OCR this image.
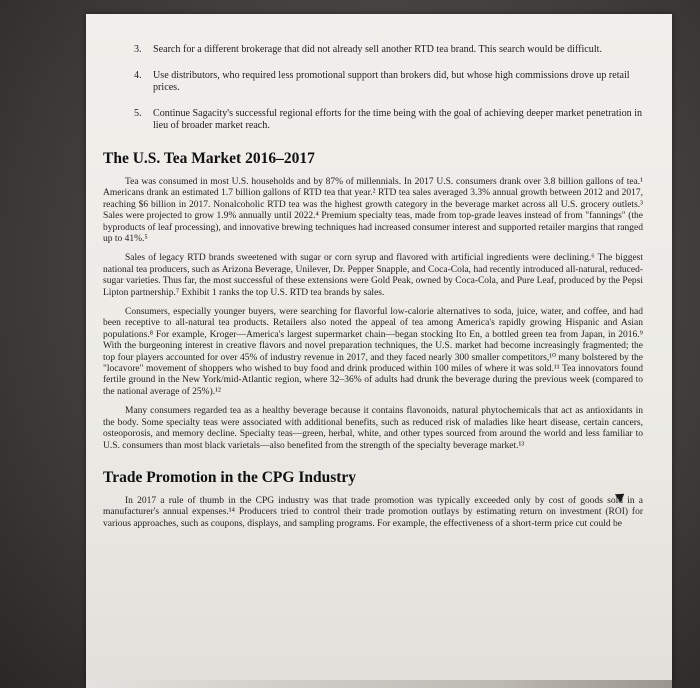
3. Search for a different brokerage that did not already sell another RTD tea brand. This search would be difficult.
4. Use distributors, who required less promotional support than brokers did, but whose high commissions drove up retail prices.
5. Continue Sagacity's successful regional efforts for the time being with the goal of achieving deeper market penetration in lieu of broader market reach.
The U.S. Tea Market 2016–2017

Tea was consumed in most U.S. households and by 87% of millennials. In 2017 U.S. consumers drank over 3.8 billion gallons of tea.¹ Americans drank an estimated 1.7 billion gallons of RTD tea that year.² RTD tea sales averaged 3.3% annual growth between 2012 and 2017, reaching $6 billion in 2017. Nonalcoholic RTD tea was the highest growth category in the beverage market across all U.S. grocery outlets.³ Sales were projected to grow 1.9% annually until 2022.⁴ Premium specialty teas, made from top-grade leaves instead of from "fannings" (the byproducts of leaf processing), and innovative brewing techniques had increased consumer interest and supported retailer margins that ranged up to 41%.⁵

Sales of legacy RTD brands sweetened with sugar or corn syrup and flavored with artificial ingredients were declining.⁶ The biggest national tea producers, such as Arizona Beverage, Unilever, Dr. Pepper Snapple, and Coca-Cola, had recently introduced all-natural, reduced-sugar varieties. Thus far, the most successful of these extensions were Gold Peak, owned by Coca-Cola, and Pure Leaf, produced by the Pepsi Lipton partnership.⁷ Exhibit 1 ranks the top U.S. RTD tea brands by sales.

Consumers, especially younger buyers, were searching for flavorful low-calorie alternatives to soda, juice, water, and coffee, and had been receptive to all-natural tea products. Retailers also noted the appeal of tea among America's rapidly growing Hispanic and Asian populations.⁸ For example, Kroger—America's largest supermarket chain—began stocking Ito En, a bottled green tea from Japan, in 2016.⁹ With the burgeoning interest in creative flavors and novel preparation techniques, the U.S. market had become increasingly fragmented; the top four players accounted for over 45% of industry revenue in 2017, and they faced nearly 300 smaller competitors,¹⁰ many bolstered by the "locavore" movement of shoppers who wished to buy food and drink produced within 100 miles of where it was sold.¹¹ Tea innovators found fertile ground in the New York/mid-Atlantic region, where 32–36% of adults had drunk the beverage during the previous week (compared to the national average of 25%).¹²

Many consumers regarded tea as a healthy beverage because it contains flavonoids, natural phytochemicals that act as antioxidants in the body. Some specialty teas were associated with additional benefits, such as reduced risk of maladies like heart disease, certain cancers, osteoporosis, and memory decline. Specialty teas—green, herbal, white, and other types sourced from around the world and less familiar to U.S. consumers than most black varietals—also benefited from the strength of the specialty beverage market.¹³

Trade Promotion in the CPG Industry

In 2017 a rule of thumb in the CPG industry was that trade promotion was typically exceeded only by cost of goods sold in a manufacturer's annual expenses.¹⁴ Producers tried to control their trade promotion outlays by estimating return on investment (ROI) for various approaches, such as coupons, displays, and sampling programs. For example, the effectiveness of a short-term price cut could be
